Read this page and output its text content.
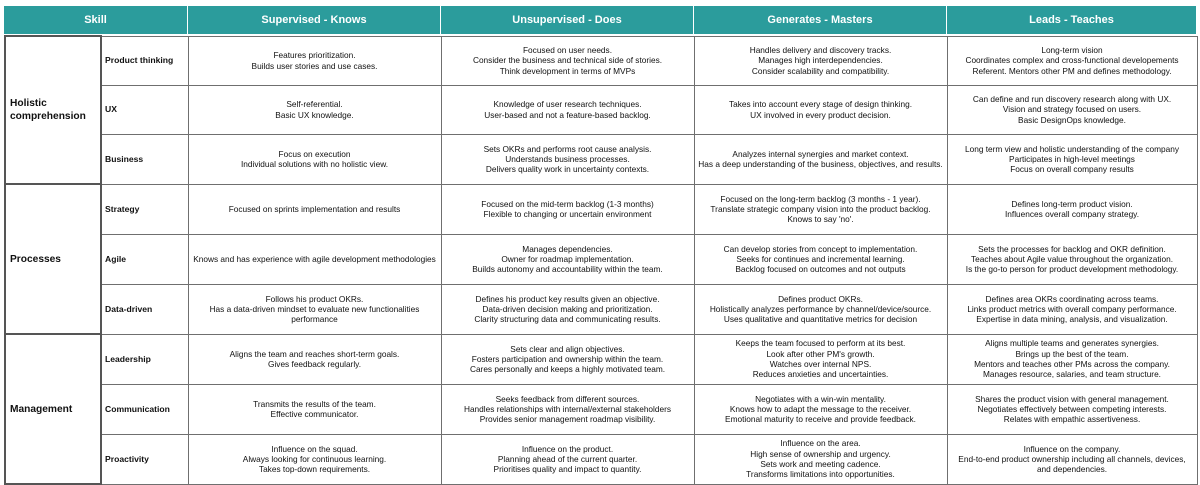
Skill	Supervised - Knows	Unsupervised - Does	Generates - Masters	Leads - Teaches
Holistic comprehension	Product thinking	Features prioritization.
Builds user stories and use cases.	Focused on user needs.
Consider the business and technical side of stories.
Think development in terms of MVPs	Handles delivery and discovery tracks.
Manages high interdependencies.
Consider scalability and compatibility.	Long-term vision
Coordinates complex and cross-functional developements
Referent. Mentors other PM and defines methodology.

	UX	Self-referential.
Basic UX knowledge.	Knowledge of user research techniques.
User-based and not a feature-based backlog.	Takes into account every stage of design thinking.
UX involved in every product decision.	Can define and run discovery research along with UX.
Vision and strategy focused on users.
Basic DesignOps knowledge.

	Business	Focus on execution
Individual solutions with no holistic view.	Sets OKRs and performs root cause analysis.
Understands business processes.
Delivers quality work in uncertainty contexts.	Analyzes internal synergies and market context.
Has a deep understanding of the business, objectives, and results.	Long term view and holistic understanding of the company
Participates in high-level meetings
Focus on overall company results

Processes	Strategy	Focused on sprints implementation and results	Focused on the mid-term backlog (1-3 months)
Flexible to changing or uncertain environment	Focused on the long-term backlog (3 months - 1 year).
Translate strategic company vision into the product backlog. Knows to say 'no'.	Defines long-term product vision.
Influences overall company strategy.

	Agile	Knows and has experience with agile development methodologies	Manages dependencies.
Owner for roadmap implementation.
Builds autonomy and accountability within the team.	Can develop stories from concept to implementation.
Seeks for continues and incremental learning.
Backlog focused on outcomes and not outputs	Sets the processes for backlog and OKR definition.
Teaches about Agile value throughout the organization.
Is the go-to person for product development methodology.

	Data-driven	Follows his product OKRs.
Has a data-driven mindset to evaluate new functionalities performance	Defines his product key results given an objective.
Data-driven decision making and prioritization.
Clarity structuring data and communicating results.	Defines product OKRs.
Holistically analyzes performance by channel/device/source.
Uses qualitative and quantitative metrics for decision	Defines area OKRs coordinating across teams.
Links product metrics with overall company performance.
Expertise in data mining, analysis, and visualization.

Management	Leadership	Aligns the team and reaches short-term goals.
Gives feedback regularly.	Sets clear and align objectives.
Fosters participation and ownership within the team.
Cares personally and keeps a highly motivated team.	Keeps the team focused to perform at its best.
Look after other PM's growth.
Watches over internal NPS.
Reduces anxieties and uncertainties.	Aligns multiple teams and generates synergies.
Brings up the best of the team.
Mentors and teaches other PMs across the company.
Manages resource, salaries, and team structure.

	Communication	Transmits the results of the team.
Effective communicator.	Seeks feedback from different sources.
Handles relationships with internal/external stakeholders
Provides senior management roadmap visibility.	Negotiates with a win-win mentality.
Knows how to adapt the message to the receiver.
Emotional maturity to receive and provide feedback.	Shares the product vision with general management.
Negotiates effectively between competing interests.
Relates with empathic assertiveness.

	Proactivity	Influence on the squad.
Always looking for continuous learning.
Takes top-down requirements.	Influence on the product.
Planning ahead of the current quarter.
Prioritises quality and impact to quantity.	Influence on the area.
High sense of ownership and urgency.
Sets work and meeting cadence.
Transforms limitations into opportunities.	Influence on the company.
End-to-end product ownership including all channels, devices, and dependencies.
